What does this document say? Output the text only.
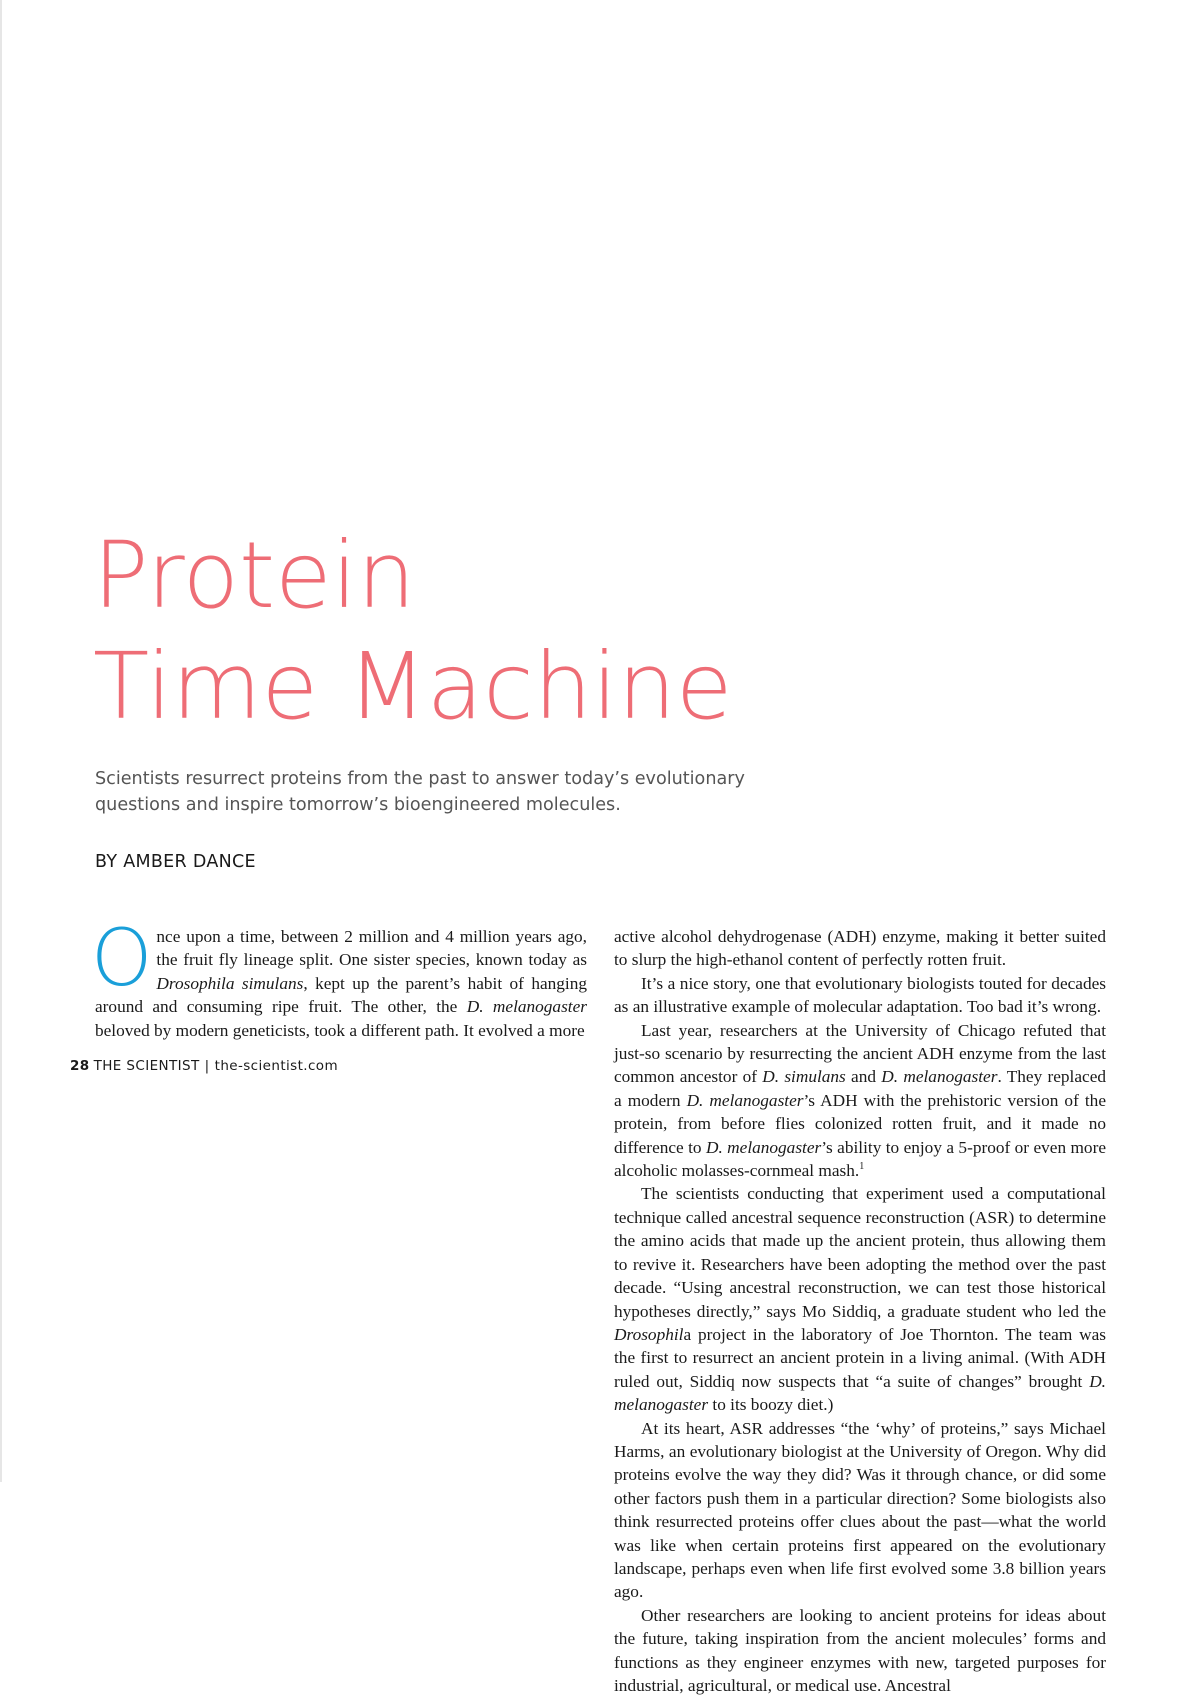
Protein
Time Machine

Scientists resurrect proteins from the past to answer today’s evolutionary
questions and inspire tomorrow’s bioengineered molecules.

BY AMBER DANCE

Once upon a time, between 2 million and 4 million years ago, the fruit fly lineage split. One sister species, known today as Drosophila simulans, kept up the parent’s habit of hanging around and consuming ripe fruit. The other, the D. melanogaster beloved by modern geneticists, took a different path. It evolved a more

active alcohol dehydrogenase (ADH) enzyme, making it better suited to slurp the high-ethanol content of perfectly rotten fruit.

It’s a nice story, one that evolutionary biologists touted for decades as an illustrative example of molecular adaptation. Too bad it’s wrong.

Last year, researchers at the University of Chicago refuted that just-so scenario by resurrecting the ancient ADH enzyme from the last common ancestor of D. simulans and D. melanogaster. They replaced a modern D. melanogaster’s ADH with the prehistoric version of the protein, from before flies colonized rotten fruit, and it made no difference to D. melanogaster’s ability to enjoy a 5-proof or even more alcoholic molasses-cornmeal mash.$^1$

The scientists conducting that experiment used a computational technique called ancestral sequence reconstruction (ASR) to determine the amino acids that made up the ancient protein, thus allowing them to revive it. Researchers have been adopting the method over the past decade. “Using ancestral reconstruction, we can test those historical hypotheses directly,” says Mo Siddiq, a graduate student who led the Drosophila project in the laboratory of Joe Thornton. The team was the first to resurrect an ancient protein in a living animal. (With ADH ruled out, Siddiq now suspects that “a suite of changes” brought D. melanogaster to its boozy diet.)

At its heart, ASR addresses “the ‘why’ of proteins,” says Michael Harms, an evolutionary biologist at the University of Oregon. Why did proteins evolve the way they did? Was it through chance, or did some other factors push them in a particular direction? Some biologists also think resurrected proteins offer clues about the past—what the world was like when certain proteins first appeared on the evolutionary landscape, perhaps even when life first evolved some 3.8 billion years ago.

Other researchers are looking to ancient proteins for ideas about the future, taking inspiration from the ancient molecules’ forms and functions as they engineer enzymes with new, targeted purposes for industrial, agricultural, or medical use. Ancestral

28 THE SCIENTIST | the-scientist.com
